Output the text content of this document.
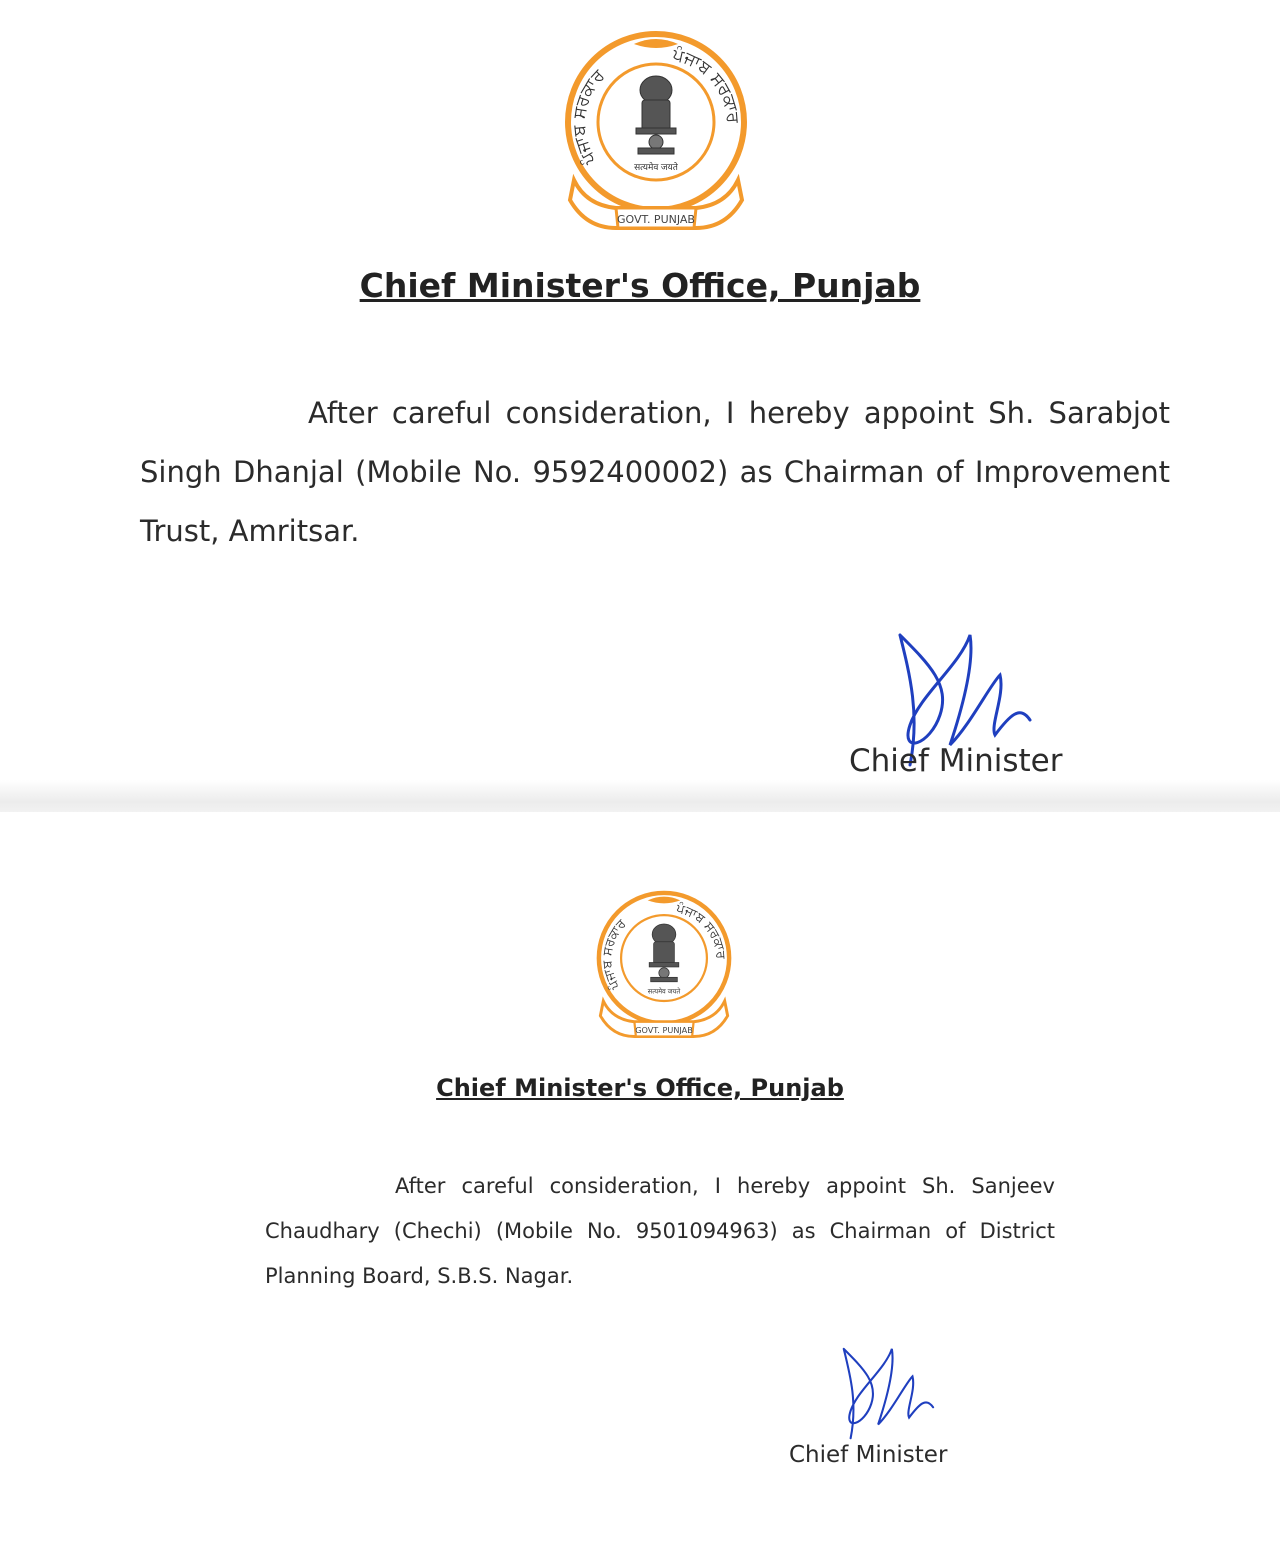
ਪੰਜਾਬ ਸਰਕਾਰ
ਪੰਜਾਬ ਸਰਕਾਰ
सत्यमेव जयते
GOVT. PUNJAB
Chief Minister's Office, Punjab
After careful consideration, I hereby appoint Sh. Sarabjot
Singh Dhanjal (Mobile No. 9592400002) as Chairman of Improvement
Trust, Amritsar.
Chief Minister
ਪੰਜਾਬ ਸਰਕਾਰ
ਪੰਜਾਬ ਸਰਕਾਰ
सत्यमेव जयते
GOVT. PUNJAB
Chief Minister's Office, Punjab
After careful consideration, I hereby appoint Sh. Sanjeev
Chaudhary (Chechi) (Mobile No. 9501094963) as Chairman of District
Planning Board, S.B.S. Nagar.
Chief Minister
